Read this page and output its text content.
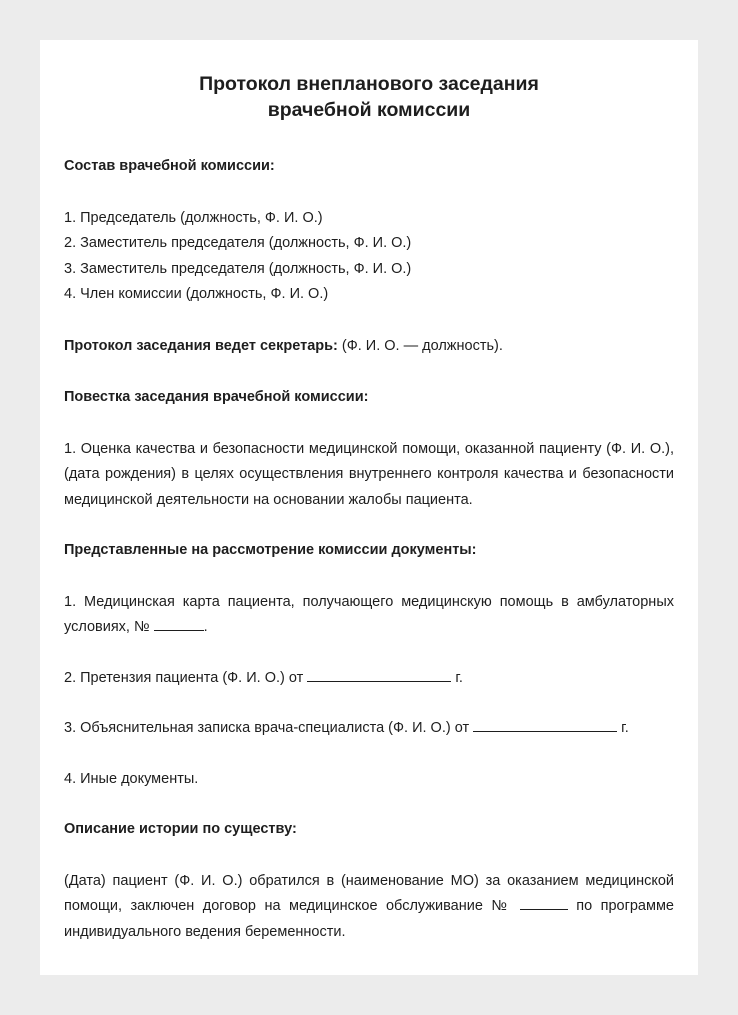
Протокол внепланового заседания
врачебной комиссии

Состав врачебной комиссии:

1. Председатель (должность, Ф. И. О.)
2. Заместитель председателя (должность, Ф. И. О.)
3. Заместитель председателя (должность, Ф. И. О.)
4. Член комиссии (должность, Ф. И. О.)

Протокол заседания ведет секретарь: (Ф. И. О. — должность).

Повестка заседания врачебной комиссии:

1. Оценка качества и безопасности медицинской помощи, оказанной пациенту (Ф. И. О.), (дата рождения) в целях осуществления внутреннего контроля качества и безопасности медицинской деятельности на основании жалобы пациента.

Представленные на рассмотрение комиссии документы:

1. Медицинская карта пациента, получающего медицинскую помощь в амбулаторных условиях, №	.

2. Претензия пациента (Ф. И. О.) от	г.

3. Объяснительная записка врача-специалиста (Ф. И. О.) от	г.

4. Иные документы.

Описание истории по существу:

(Дата) пациент (Ф. И. О.) обратился в (наименование МО) за оказанием медицинской помощи, заключен договор на медицинское обслуживание №	по программе индивидуального ведения беременности.
